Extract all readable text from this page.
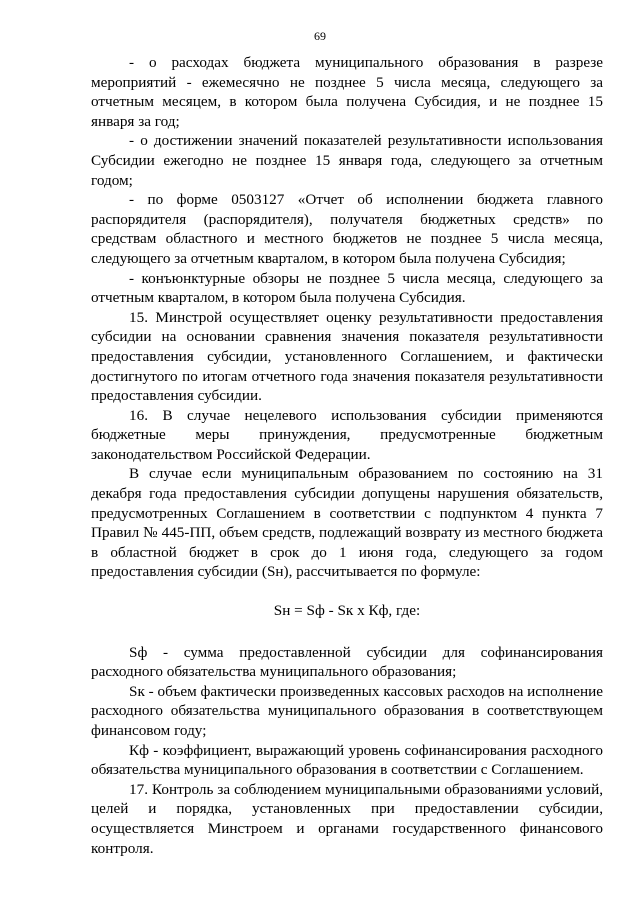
69

- о расходах бюджета муниципального образования в разрезе мероприятий - ежемесячно не позднее 5 числа месяца, следующего за отчетным месяцем, в котором была получена Субсидия, и не позднее 15 января за год;

- о достижении значений показателей результативности использования Субсидии ежегодно не позднее 15 января года, следующего за отчетным годом;

- по форме 0503127 «Отчет об исполнении бюджета главного распорядителя (распорядителя), получателя бюджетных средств» по средствам областного и местного бюджетов не позднее 5 числа месяца, следующего за отчетным кварталом, в котором была получена Субсидия;

- конъюнктурные обзоры не позднее 5 числа месяца, следующего за отчетным кварталом, в котором была получена Субсидия.

15. Минстрой осуществляет оценку результативности предоставления субсидии на основании сравнения значения показателя результативности предоставления субсидии, установленного Соглашением, и фактически достигнутого по итогам отчетного года значения показателя результативности предоставления субсидии.

16. В случае нецелевого использования субсидии применяются бюджетные меры принуждения, предусмотренные бюджетным законодательством Российской Федерации.

В случае если муниципальным образованием по состоянию на 31 декабря года предоставления субсидии допущены нарушения обязательств, предусмотренных Соглашением в соответствии с подпунктом 4 пункта 7 Правил № 445-ПП, объем средств, подлежащий возврату из местного бюджета в областной бюджет в срок до 1 июня года, следующего за годом предоставления субсидии (Sн), рассчитывается по формуле:

Sн = Sф - Sк x Кф, где:

Sф - сумма предоставленной субсидии для софинансирования расходного обязательства муниципального образования;

Sк - объем фактически произведенных кассовых расходов на исполнение расходного обязательства муниципального образования в соответствующем финансовом году;

Кф - коэффициент, выражающий уровень софинансирования расходного обязательства муниципального образования в соответствии с Соглашением.

17. Контроль за соблюдением муниципальными образованиями условий, целей и порядка, установленных при предоставлении субсидии, осуществляется Минстроем и органами государственного финансового контроля.
